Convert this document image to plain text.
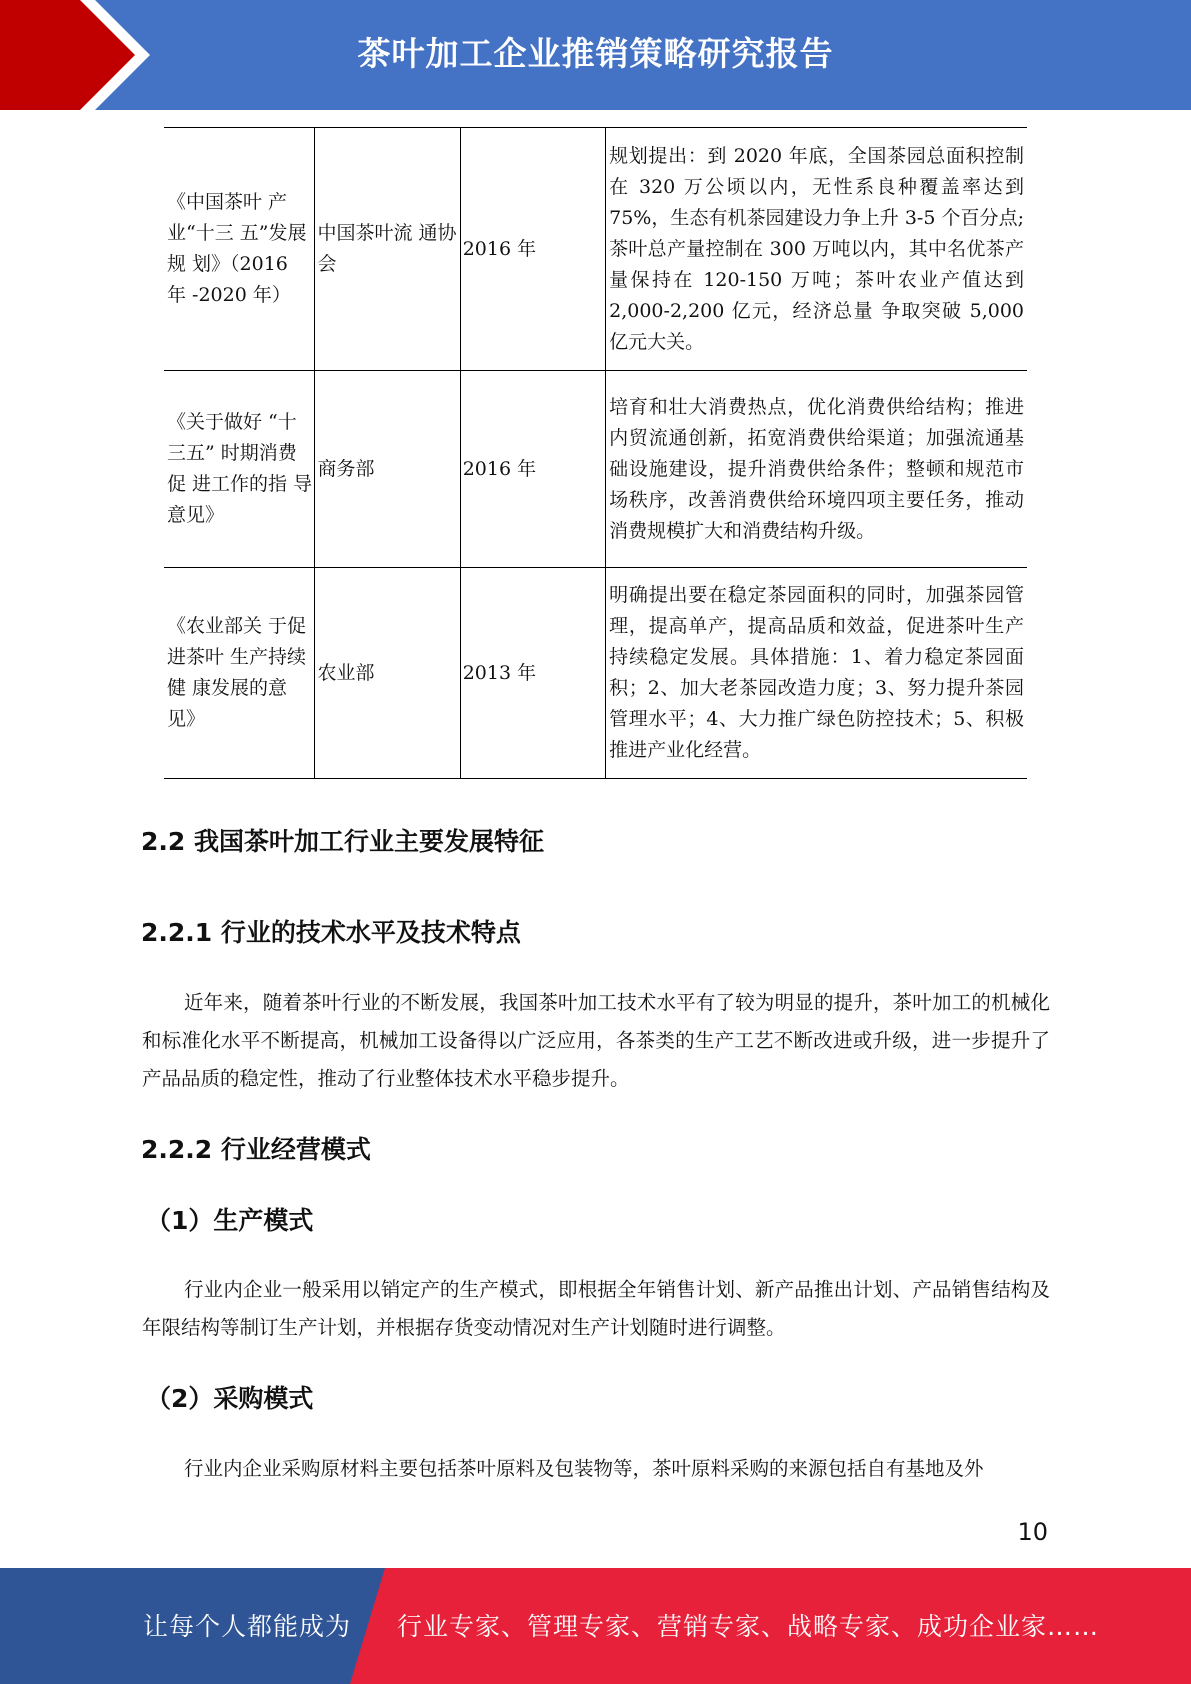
茶叶加工企业推销策略研究报告
《中国茶叶 产业“十三 五”发展规 划》（2016 年 -2020 年）	中国茶叶流 通协会	2016 年	规划提出：到 2020 年底，全国茶园总面积控制在 320 万公顷以内，无性系良种覆盖率达到 75%，生态有机茶园建设力争上升 3-5 个百分点;茶叶总产量控制在 300 万吨以内，其中名优茶产量保持在 120-150 万吨；茶叶农业产值达到 2,000-2,200 亿元，经济总量 争取突破 5,000 亿元大关。
《关于做好 “十三五” 时期消费促 进工作的指 导意见》	商务部	2016 年	培育和壮大消费热点，优化消费供给结构；推进内贸流通创新，拓宽消费供给渠道；加强流通基础设施建设，提升消费供给条件；整顿和规范市场秩序，改善消费供给环境四项主要任务，推动消费规模扩大和消费结构升级。
《农业部关 于促进茶叶 生产持续健 康发展的意 见》	农业部	2013 年	明确提出要在稳定茶园面积的同时，加强茶园管理，提高单产，提高品质和效益，促进茶叶生产持续稳定发展。具体措施：1、着力稳定茶园面积；2、加大老茶园改造力度；3、努力提升茶园管理水平；4、大力推广绿色防控技术；5、积极推进产业化经营。
2.2 我国茶叶加工行业主要发展特征
2.2.1 行业的技术水平及技术特点

近年来，随着茶叶行业的不断发展，我国茶叶加工技术水平有了较为明显的提升，茶叶加工的机械化和标准化水平不断提高，机械加工设备得以广泛应用，各茶类的生产工艺不断改进或升级，进一步提升了产品品质的稳定性，推动了行业整体技术水平稳步提升。

2.2.2 行业经营模式
（1）生产模式

行业内企业一般采用以销定产的生产模式，即根据全年销售计划、新产品推出计划、产品销售结构及年限结构等制订生产计划，并根据存货变动情况对生产计划随时进行调整。

（2）采购模式

行业内企业采购原材料主要包括茶叶原料及包装物等，茶叶原料采购的来源包括自有基地及外

10
让每个人都能成为 行业专家、管理专家、营销专家、战略专家、成功企业家……
